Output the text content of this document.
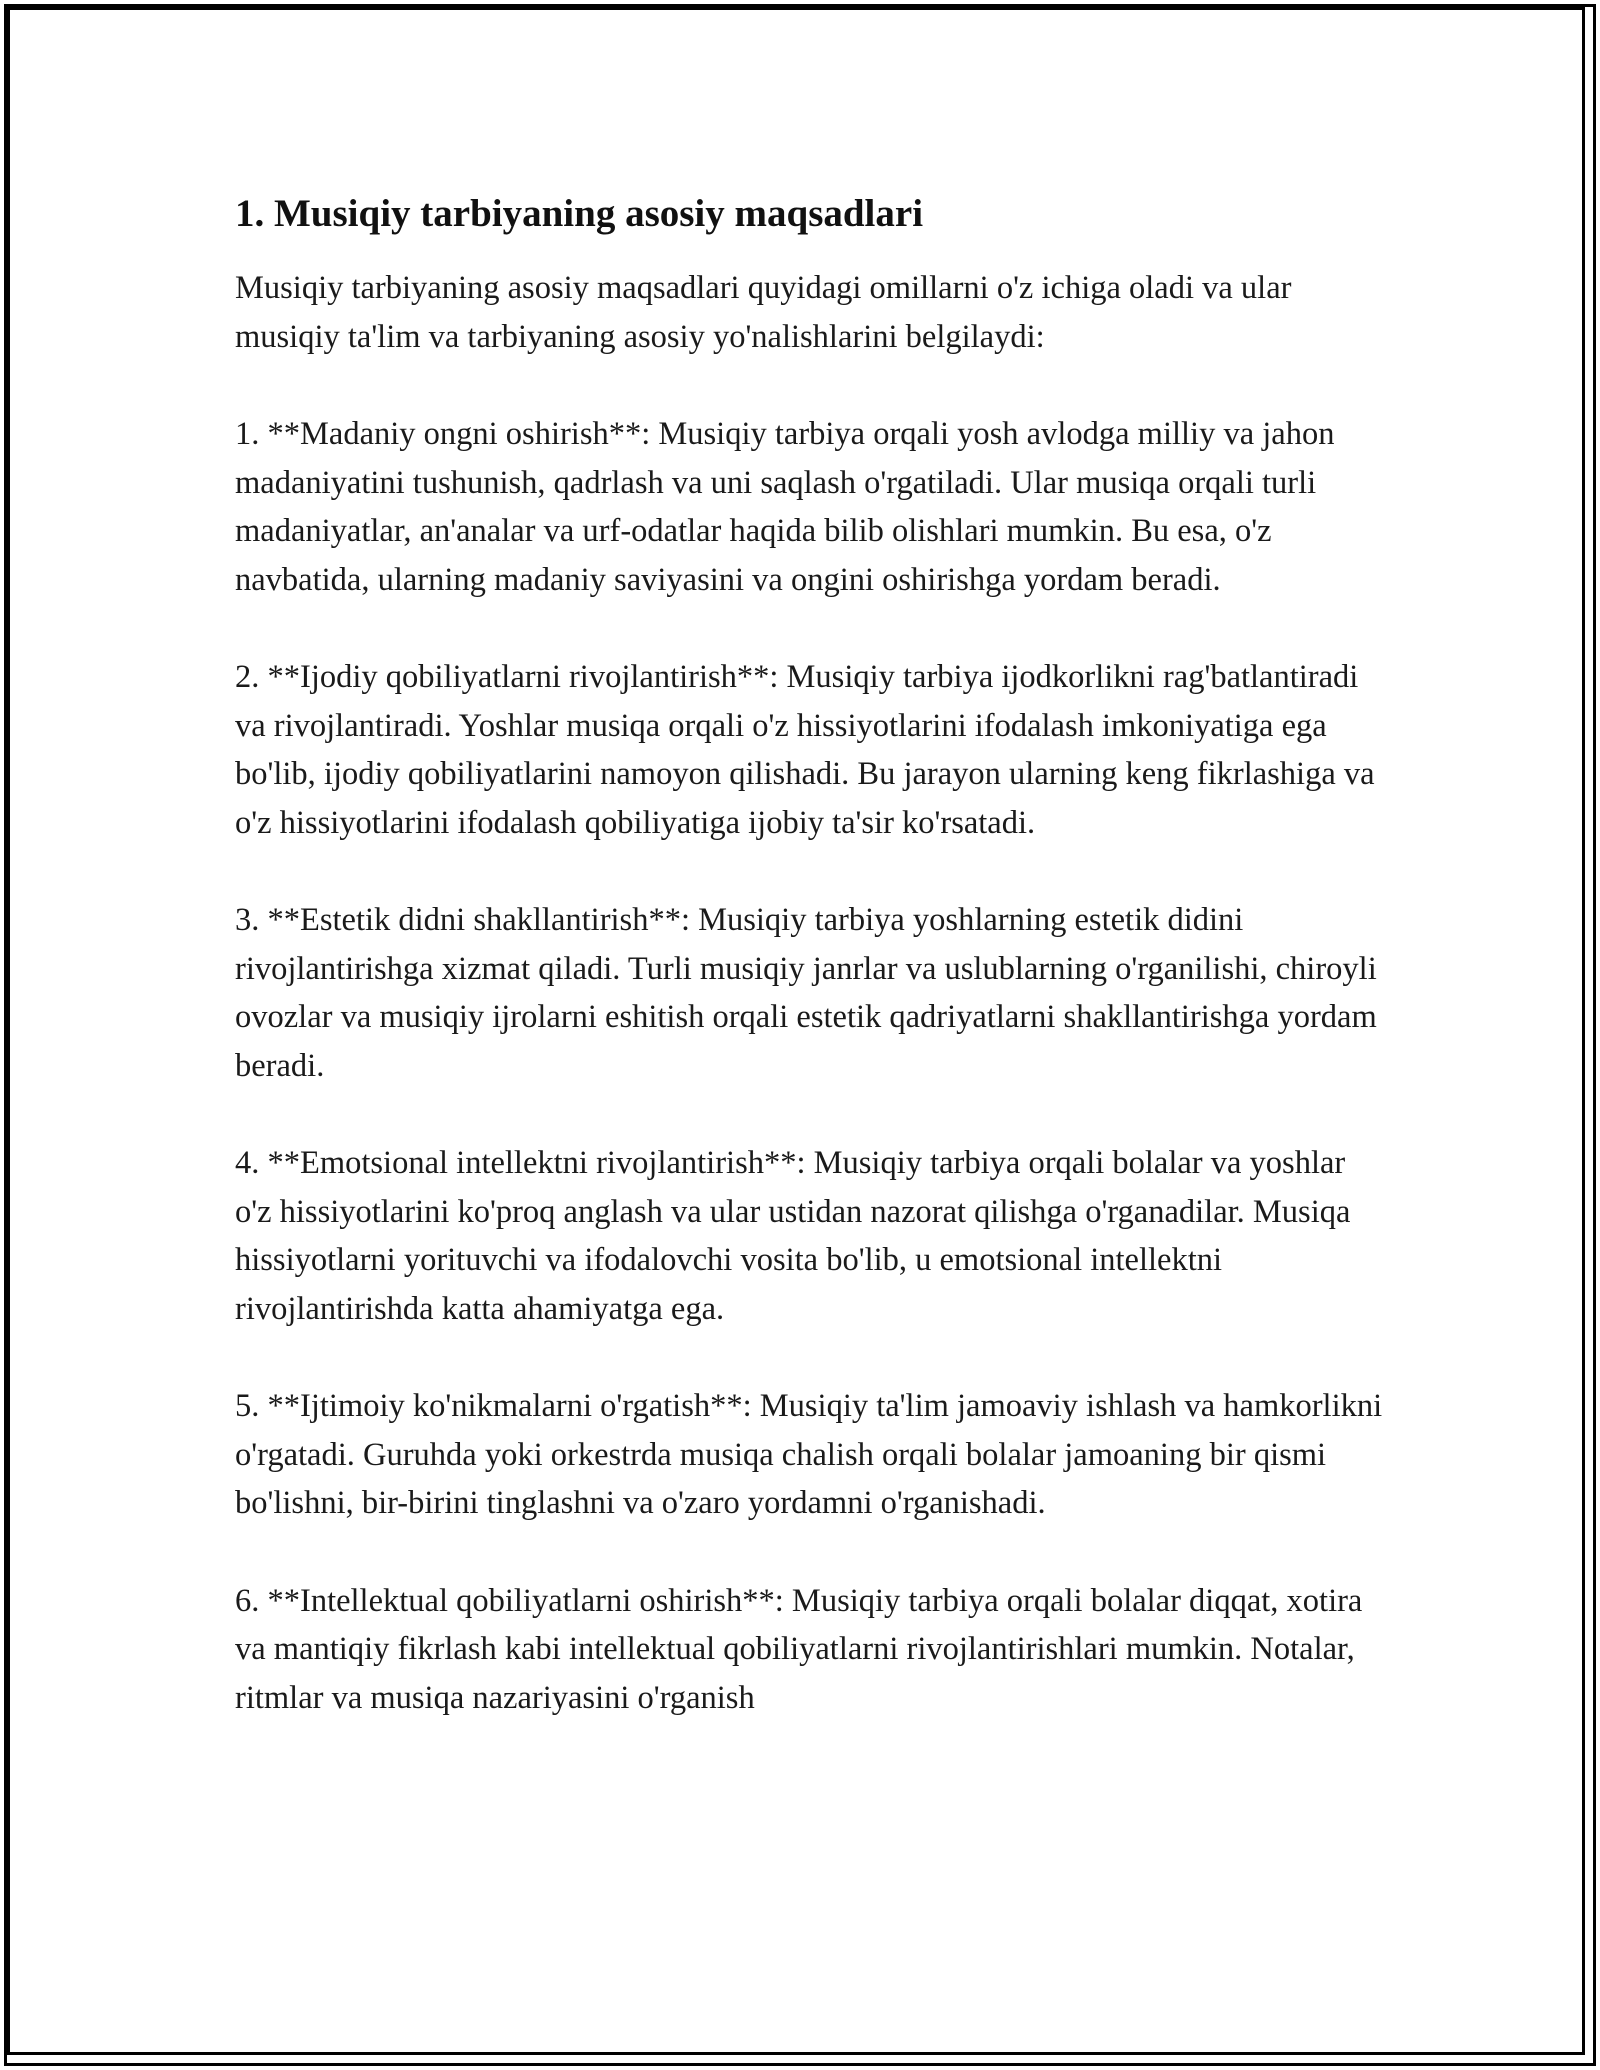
1. Musiqiy tarbiyaning asosiy maqsadlari

Musiqiy tarbiyaning asosiy maqsadlari quyidagi omillarni o'z ichiga oladi va ular musiqiy ta'lim va tarbiyaning asosiy yo'nalishlarini belgilaydi:

1. **Madaniy ongni oshirish**: Musiqiy tarbiya orqali yosh avlodga milliy va jahon madaniyatini tushunish, qadrlash va uni saqlash o'rgatiladi. Ular musiqa orqali turli madaniyatlar, an'analar va urf-odatlar haqida bilib olishlari mumkin. Bu esa, o'z navbatida, ularning madaniy saviyasini va ongini oshirishga yordam beradi.

2. **Ijodiy qobiliyatlarni rivojlantirish**: Musiqiy tarbiya ijodkorlikni rag'batlantiradi va rivojlantiradi. Yoshlar musiqa orqali o'z hissiyotlarini ifodalash imkoniyatiga ega bo'lib, ijodiy qobiliyatlarini namoyon qilishadi. Bu jarayon ularning keng fikrlashiga va o'z hissiyotlarini ifodalash qobiliyatiga ijobiy ta'sir ko'rsatadi.

3. **Estetik didni shakllantirish**: Musiqiy tarbiya yoshlarning estetik didini rivojlantirishga xizmat qiladi. Turli musiqiy janrlar va uslublarning o'rganilishi, chiroyli ovozlar va musiqiy ijrolarni eshitish orqali estetik qadriyatlarni shakllantirishga yordam beradi.

4. **Emotsional intellektni rivojlantirish**: Musiqiy tarbiya orqali bolalar va yoshlar o'z hissiyotlarini ko'proq anglash va ular ustidan nazorat qilishga o'rganadilar. Musiqa hissiyotlarni yorituvchi va ifodalovchi vosita bo'lib, u emotsional intellektni rivojlantirishda katta ahamiyatga ega.

5. **Ijtimoiy ko'nikmalarni o'rgatish**: Musiqiy ta'lim jamoaviy ishlash va hamkorlikni o'rgatadi. Guruhda yoki orkestrda musiqa chalish orqali bolalar jamoaning bir qismi bo'lishni, bir-birini tinglashni va o'zaro yordamni o'rganishadi.

6. **Intellektual qobiliyatlarni oshirish**: Musiqiy tarbiya orqali bolalar diqqat, xotira va mantiqiy fikrlash kabi intellektual qobiliyatlarni rivojlantirishlari mumkin. Notalar, ritmlar va musiqa nazariyasini o'rganish
